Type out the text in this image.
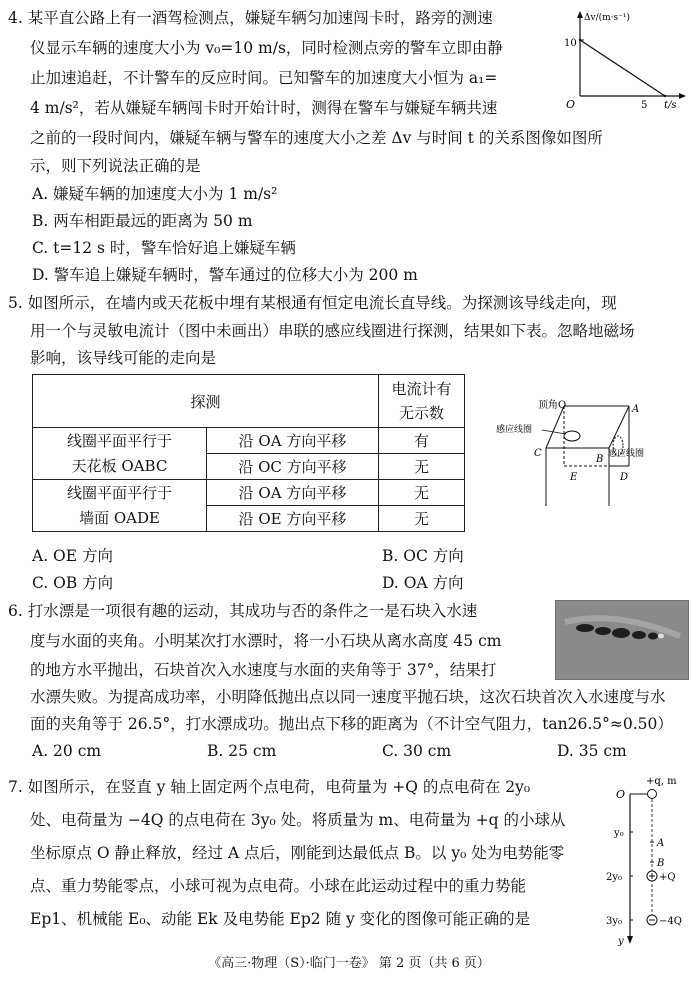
4. 某平直公路上有一酒驾检测点，嫌疑车辆匀加速闯卡时，路旁的测速
仪显示车辆的速度大小为 v₀=10 m/s，同时检测点旁的警车立即由静
止加速追赶，不计警车的反应时间。已知警车的加速度大小恒为 a₁=
4 m/s²，若从嫌疑车辆闯卡时开始计时，测得在警车与嫌疑车辆共速
之前的一段时间内，嫌疑车辆与警车的速度大小之差 Δv 与时间 t 的关系图像如图所
示，则下列说法正确的是
Δv/(m·s⁻¹)
t/s
O
10
5
A. 嫌疑车辆的加速度大小为 1 m/s²
B. 两车相距最远的距离为 50 m
C. t=12 s 时，警车恰好追上嫌疑车辆
D. 警车追上嫌疑车辆时，警车通过的位移大小为 200 m
5. 如图所示，在墙内或天花板中埋有某根通有恒定电流长直导线。为探测该导线走向，现
用一个与灵敏电流计（图中未画出）串联的感应线圈进行探测，结果如下表。忽略地磁场
影响，该导线可能的走向是
探测		电流计有
无示数

线圈平面平行于
天花板 OABC	沿 OA 方向平移	有
	沿 OC 方向平移	无

线圈平面平行于
墙面 OADE	沿 OA 方向平移	无
	沿 OE 方向平移	无
顶角O	A
B
C
D
E
感应线圈
感应线圈
A. OE 方向	B. OC 方向
C. OB 方向	D. OA 方向
6. 打水漂是一项很有趣的运动，其成功与否的条件之一是石块入水速
度与水面的夹角。小明某次打水漂时，将一小石块从离水高度 45 cm
的地方水平抛出，石块首次入水速度与水面的夹角等于 37°，结果打
水漂失败。为提高成功率，小明降低抛出点以同一速度平抛石块，这次石块首次入水速度与水
面的夹角等于 26.5°，打水漂成功。抛出点下移的距离为（不计空气阻力，tan26.5°≈0.50）
A. 20 cm	B. 25 cm	C. 30 cm	D. 35 cm
7. 如图所示，在竖直 y 轴上固定两个点电荷，电荷量为 +Q 的点电荷在 2y₀
处、电荷量为 −4Q 的点电荷在 3y₀ 处。将质量为 m、电荷量为 +q 的小球从
坐标原点 O 静止释放，经过 A 点后，刚能到达最低点 B。以 y₀ 处为电势能零
点、重力势能零点，小球可视为点电荷。小球在此运动过程中的重力势能
Ep1、机械能 E₀、动能 Ek 及电势能 Ep2 随 y 变化的图像可能正确的是
O
+q, m
y₀
2y₀
3y₀
A
B
+Q
−4Q
y
《高三·物理（S）·临门一卷》 第 2 页（共 6 页）
